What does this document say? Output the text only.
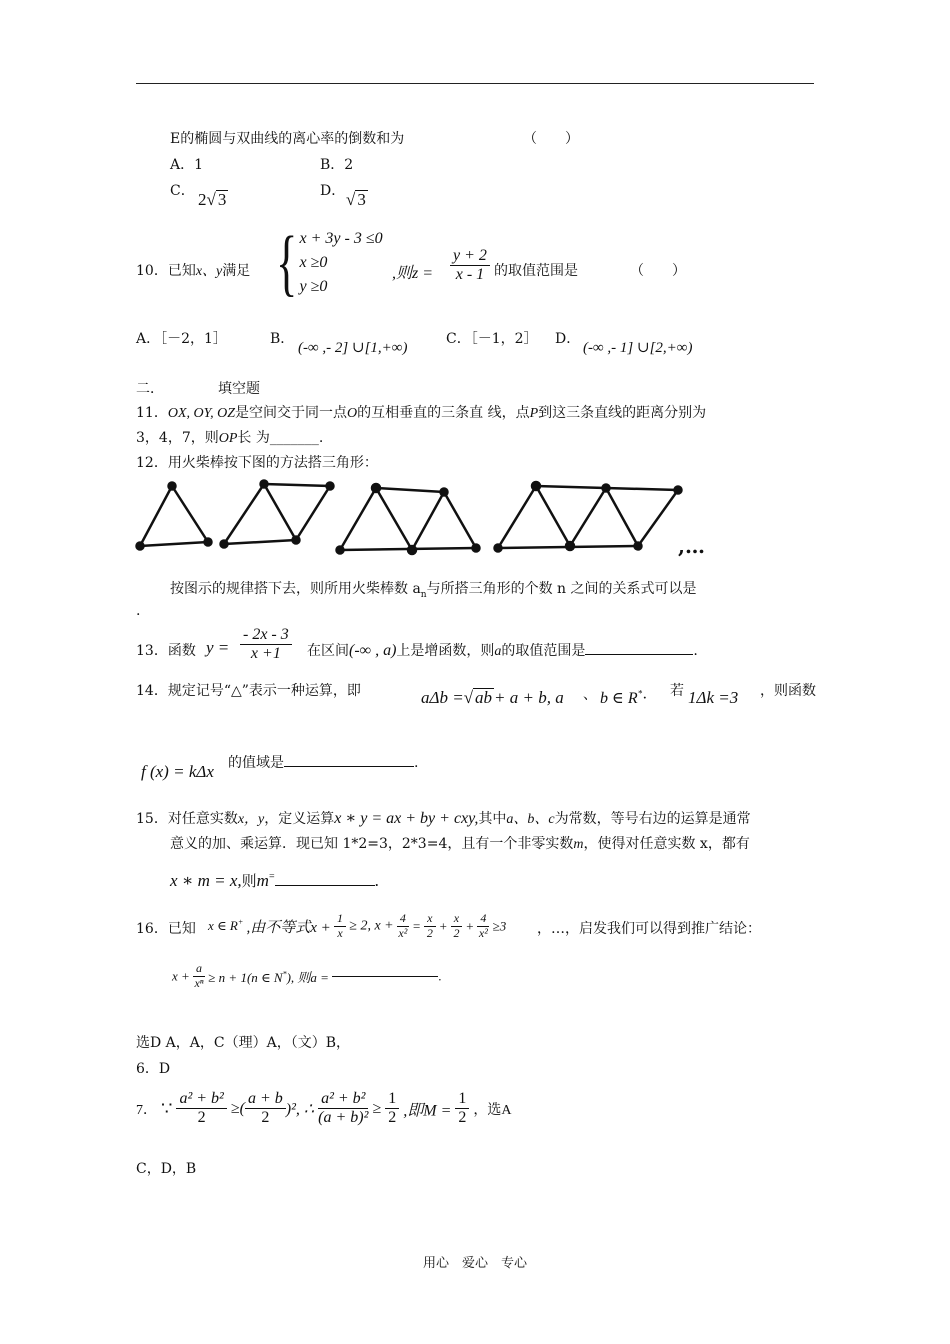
E的椭圆与双曲线的离心率的倒数和为	（　　）
A．1	B．2
C． 2√ 3	D． √ 3
10．已知x、y满足 { x + 3y - 3 ≤0
x ≥0
y ≥0
,则$z = \frac{y + 2}{x - 1}$ 的取值范围是	（　　）
A．［－2，1］	B．
(-∞ ,- 2] ∪[1,+∞)
C．［－1，2］ D．
(-∞ ,- 1] ∪[2,+∞)
二．	填空题
11．OX, OY, OZ是空间交于同一点O的互相垂直的三条直 线，点P到这三条直线的距离分别为
3，4，7，则OP长 为_______.
12．用火柴棒按下图的方法搭三角形：
,…
按图示的规律搭下去，则所用火柴棒数 $a_n$与所搭三角形的个数 n 之间的关系式可以是
.
13．函数 $y = \frac{- 2x - 3}{x +1}$ 在区间(-∞ , a)上是增函数，则a的取值范围是	.
14．规定记号“△”表示一种运算，即	aΔb =√ ab + a + b, a 、 b ∈ R*· 若 1Δk =3 ，则函数
f (x) = kΔx 的值域是	.
15．对任意实数x，y，定义运算x ∗ y = ax + by + cxy,其中a、b、c为常数，等号右边的运算是通常
意义的加、乘运算．现已知 1*2=3，2*3=4，且有一个非零实数m，使得对任意实数 x，都有
x ∗ m = x,则m=	.
16．已知 x ∈ R+ ,由不等式$x + \frac{1}{x} \ge 2$, $x + \frac{4}{\text{x²}} = \frac{x}{2} + \frac{x}{2} + \frac{4}{\text{x²}} \ge 3$ ，…，启发我们可以得到推广结论：
$x + \frac{a}{\text{xⁿ}} \ge n + 1(n$ ∈ N*), 则a =	.
选D A，A，C（理）A，（文）B，
6．D
7． ∵ $\frac{\text{a² + b²}}{2}$ ≥( $\frac{a + b}{2} )^2$, ∴ $\frac{\text{a² + b²}}{\text{(a + b)²}} \ge \frac{1}{2}$ ,即$M = \frac{1}{2}$ ，选A
C，D，B
用心　爱心　专心
